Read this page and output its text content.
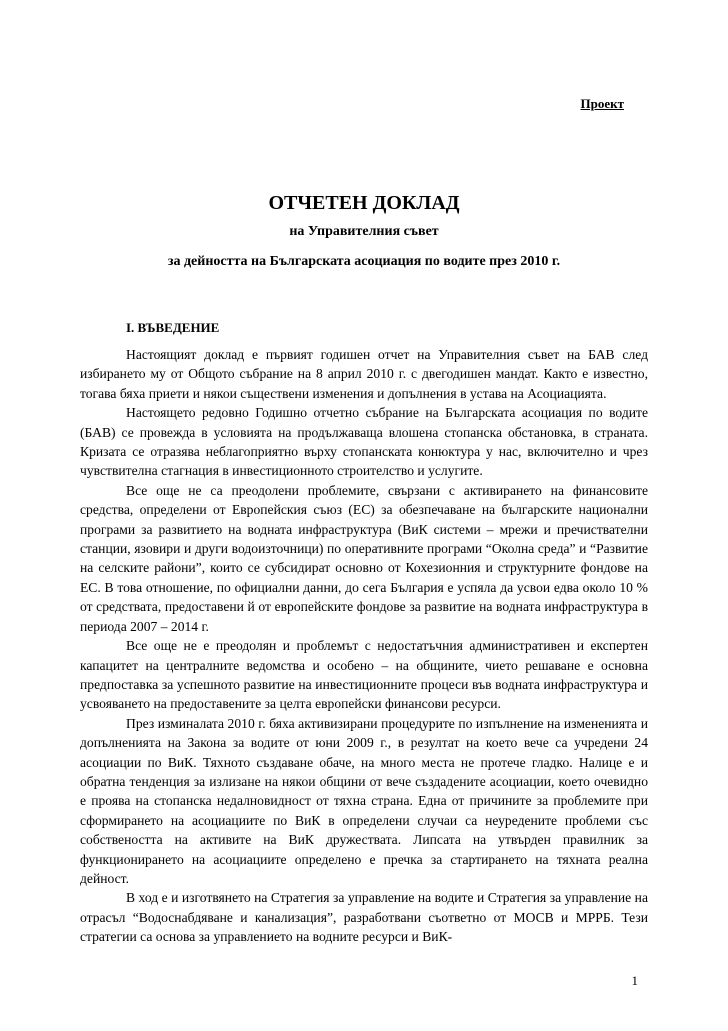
Проект
ОТЧЕТЕН ДОКЛАД
на Управителния съвет
за дейността на Българската асоциация по водите през 2010 г.
I. ВЪВЕДЕНИЕ

Настоящият доклад е първият годишен отчет на Управителния съвет на БАВ след избирането му от Общото събрание на 8 април 2010 г. с двегодишен мандат. Както е известно, тогава бяха приети и някои съществени изменения и допълнения в устава на Асоциацията.

Настоящето редовно Годишно отчетно събрание на Българската асоциация по водите (БАВ) се провежда в условията на продължаваща влошена стопанска обстановка, в страната. Кризата се отразява неблагоприятно върху стопанската конюктура у нас, включително и чрез чувствителна стагнация в инвестиционното строителство и услугите.

Все още не са преодолени проблемите, свързани с активирането на финансовите средства, определени от Европейския съюз (ЕС) за обезпечаване на българските национални програми за развитието на водната инфраструктура (ВиК системи – мрежи и пречиствателни станции, язовири и други водоизточници) по оперативните програми “Околна среда” и “Развитие на селските райони”, които се субсидират основно от Кохезионния и структурните фондове на ЕС. В това отношение, по официални данни, до сега България е успяла да усвои едва около 10 % от средствата, предоставени й от европейските фондове за развитие на водната инфраструктура в периода 2007 – 2014 г.

Все още не е преодолян и проблемът с недостатъчния административен и експертен капацитет на централните ведомства и особено – на общините, чието решаване е основна предпоставка за успешното развитие на инвестиционните процеси във водната инфраструктура и усвояването на предоставените за целта европейски финансови ресурси.

През изминалата 2010 г. бяха активизирани процедурите по изпълнение на измененията и допълненията на Закона за водите от юни 2009 г., в резултат на което вече са учредени 24 асоциации по ВиК. Тяхното създаване обаче, на много места не протече гладко. Налице е и обратна тенденция за излизане на някои общини от вече създадените асоциации, което очевидно е проява на стопанска недалновидност от тяхна страна. Една от причините за проблемите при сформирането на асоциациите по ВиК в определени случаи са неуредените проблеми със собствеността на активите на ВиК дружествата. Липсата на утвърден правилник за функционирането на асоциациите определено е пречка за стартирането на тяхната реална дейност.

В ход е и изготвянето на Стратегия за управление на водите и Стратегия за управление на отрасъл “Водоснабдяване и канализация”, разработвани съответно от МОСВ и МРРБ. Тези стратегии са основа за управлението на водните ресурси и ВиК-

1
